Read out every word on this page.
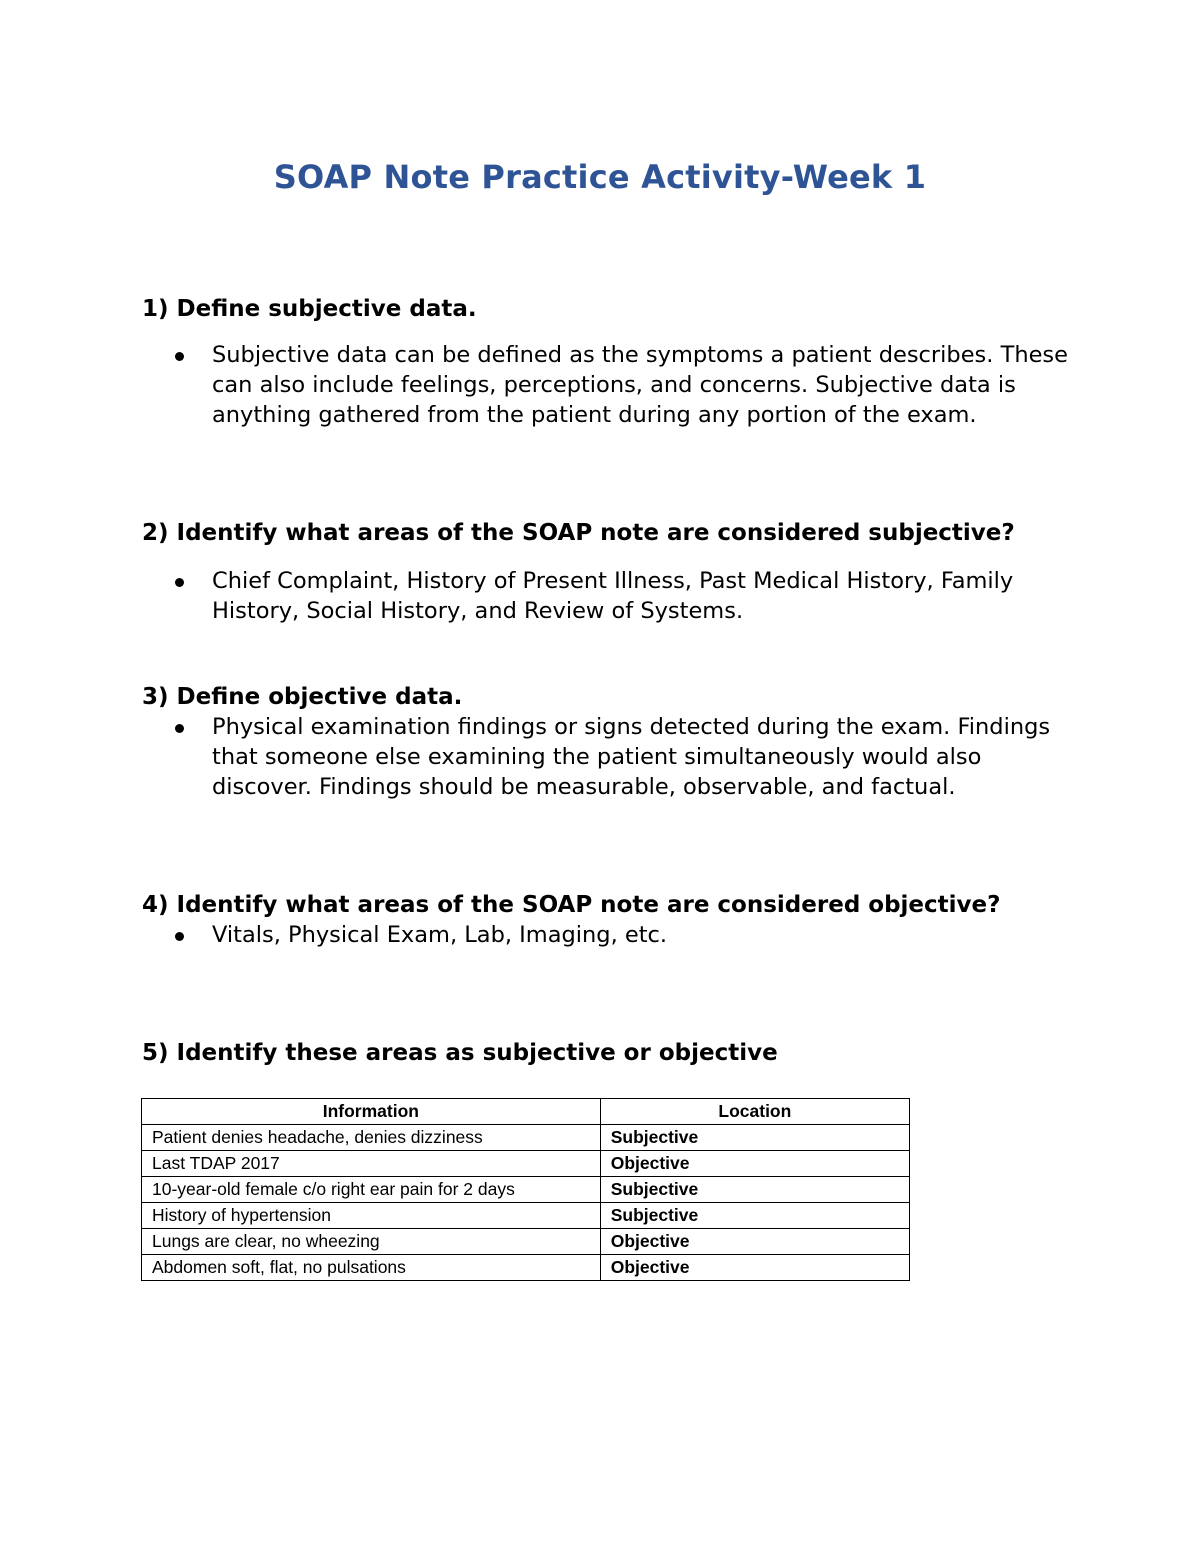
SOAP Note Practice Activity-Week 1

1) Define subjective data.

Subjective data can be defined as the symptoms a patient describes. These can also include feelings, perceptions, and concerns. Subjective data is anything gathered from the patient during any portion of the exam.

2) Identify what areas of the SOAP note are considered subjective?

Chief Complaint, History of Present Illness, Past Medical History, Family History, Social History, and Review of Systems.

3) Define objective data.

Physical examination findings or signs detected during the exam. Findings that someone else examining the patient simultaneously would also discover. Findings should be measurable, observable, and factual.

4) Identify what areas of the SOAP note are considered objective?

Vitals, Physical Exam, Lab, Imaging, etc.

5) Identify these areas as subjective or objective

Information	Location
Patient denies headache, denies dizziness	Subjective
Last TDAP 2017	Objective
10-year-old female c/o right ear pain for 2 days	Subjective
History of hypertension	Subjective
Lungs are clear, no wheezing	Objective
Abdomen soft, flat, no pulsations	Objective
